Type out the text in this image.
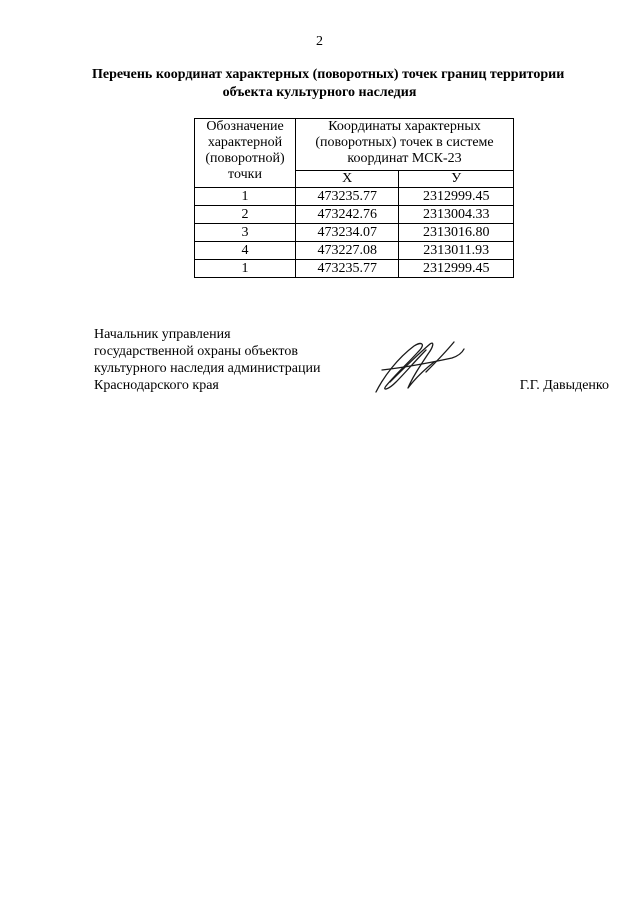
2
Перечень координат характерных (поворотных) точек границ территории
объекта культурного наследия
Обозначение
характерной
(поворотной)
точки	Координаты характерных
(поворотных) точек в системе
координат МСК-23	

	X	У
1	473235.77	2312999.45
2	473242.76	2313004.33
3	473234.07	2313016.80
4	473227.08	2313011.93
1	473235.77	2312999.45
Начальник управления
государственной охраны объектов
культурного наследия администрации
Краснодарского края	Г.Г. Давыденко
